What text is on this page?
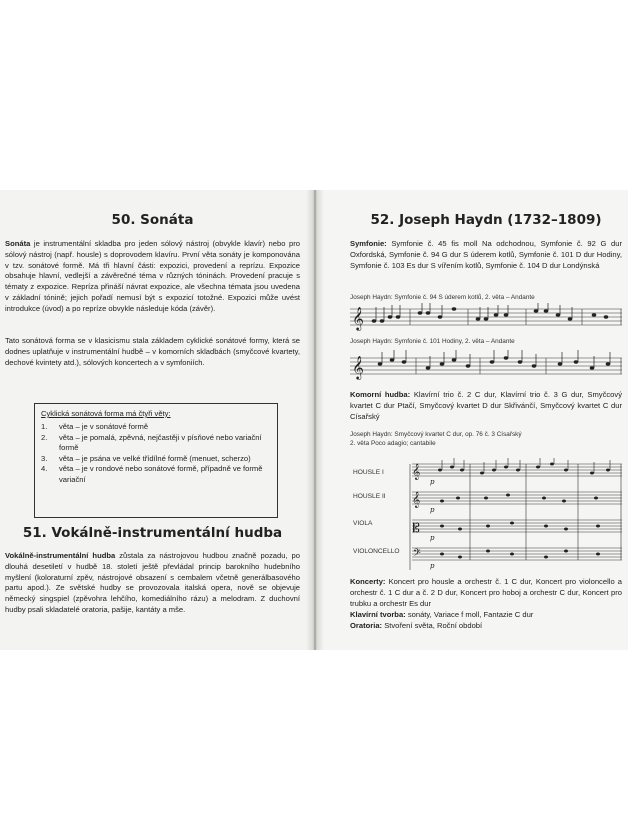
50. Sonáta
Sonáta je instrumentální skladba pro jeden sólový nástroj (obvykle klavír) nebo pro sólový nástroj (např. housle) s doprovodem klavíru. První věta sonáty je komponována v tzv. sonátové formě. Má tři hlavní části: expozici, provedení a reprízu. Expozice obsahuje hlavní, vedlejší a závěrečné téma v různých tóninách. Provedení pracuje s tématy z expozice. Repríza přináší návrat expozice, ale všechna témata jsou uvedena v základní tónině; jejich pořadí nemusí být s expozicí totožné. Expozici může uvést introdukce (úvod) a po repríze obvykle následuje kóda (závěr).
Tato sonátová forma se v klasicismu stala základem cyklické sonátové formy, která se dodnes uplatňuje v instrumentální hudbě – v komorních skladbách (smyčcové kvartety, dechové kvintety atd.), sólových koncertech a v symfoniích.
Cyklická sonátová forma má čtyři věty:
1.	věta – je v sonátové formě
2.	věta – je pomalá, zpěvná, nejčastěji v písňové nebo variační formě
3.	věta – je psána ve velké třídílné formě (menuet, scherzo)
4.	věta – je v rondové nebo sonátové formě, případně ve formě variační
51. Vokálně-instrumentální hudba
Vokálně-instrumentální hudba zůstala za nástrojovou hudbou značně pozadu, po dlouhá desetiletí v hudbě 18. století ještě převládal princip barokního hudebního myšlení (koloraturní zpěv, nástrojové obsazení s cembalem včetně generálbasového partu apod.). Ze světské hudby se provozovala italská opera, nově se objevuje německý singspiel (zpěvohra lehčího, komediálního rázu) a melodram. Z duchovní hudby psali skladatelé oratoria, pašije, kantáty a mše.
52. Joseph Haydn (1732–1809)
Symfonie: Symfonie č. 45 fis moll Na odchodnou, Symfonie č. 92 G dur Oxfordská, Symfonie č. 94 G dur S úderem kotlů, Symfonie č. 101 D dur Hodiny, Symfonie č. 103 Es dur S vířením kotlů, Symfonie č. 104 D dur Londýnská
Joseph Haydn: Symfonie č. 94 S úderem kotlů, 2. věta – Andante
𝄞
Joseph Haydn: Symfonie č. 101 Hodiny, 2. věta – Andante
𝄞
Komorní hudba: Klavírní trio č. 2 C dur, Klavírní trio č. 3 G dur, Smyčcový kvartet C dur Ptačí, Smyčcový kvartet D dur Skřivánčí, Smyčcový kvartet C dur Císařský
Joseph Haydn: Smyčcový kvartet C dur, op. 76 č. 3 Císařský
2. věta Poco adagio; cantabile
HOUSLE I
HOUSLE II
VIOLA
VIOLONCELLO
𝄞
𝄞
𝄡
𝄢
p
p
p
p
Koncerty: Koncert pro housle a orchestr č. 1 C dur, Koncert pro violoncello a orchestr č. 1 C dur a č. 2 D dur, Koncert pro hoboj a orchestr C dur, Koncert pro trubku a orchestr Es dur
Klavírní tvorba: sonáty, Variace f moll, Fantazie C dur
Oratoria: Stvoření světa, Roční období
